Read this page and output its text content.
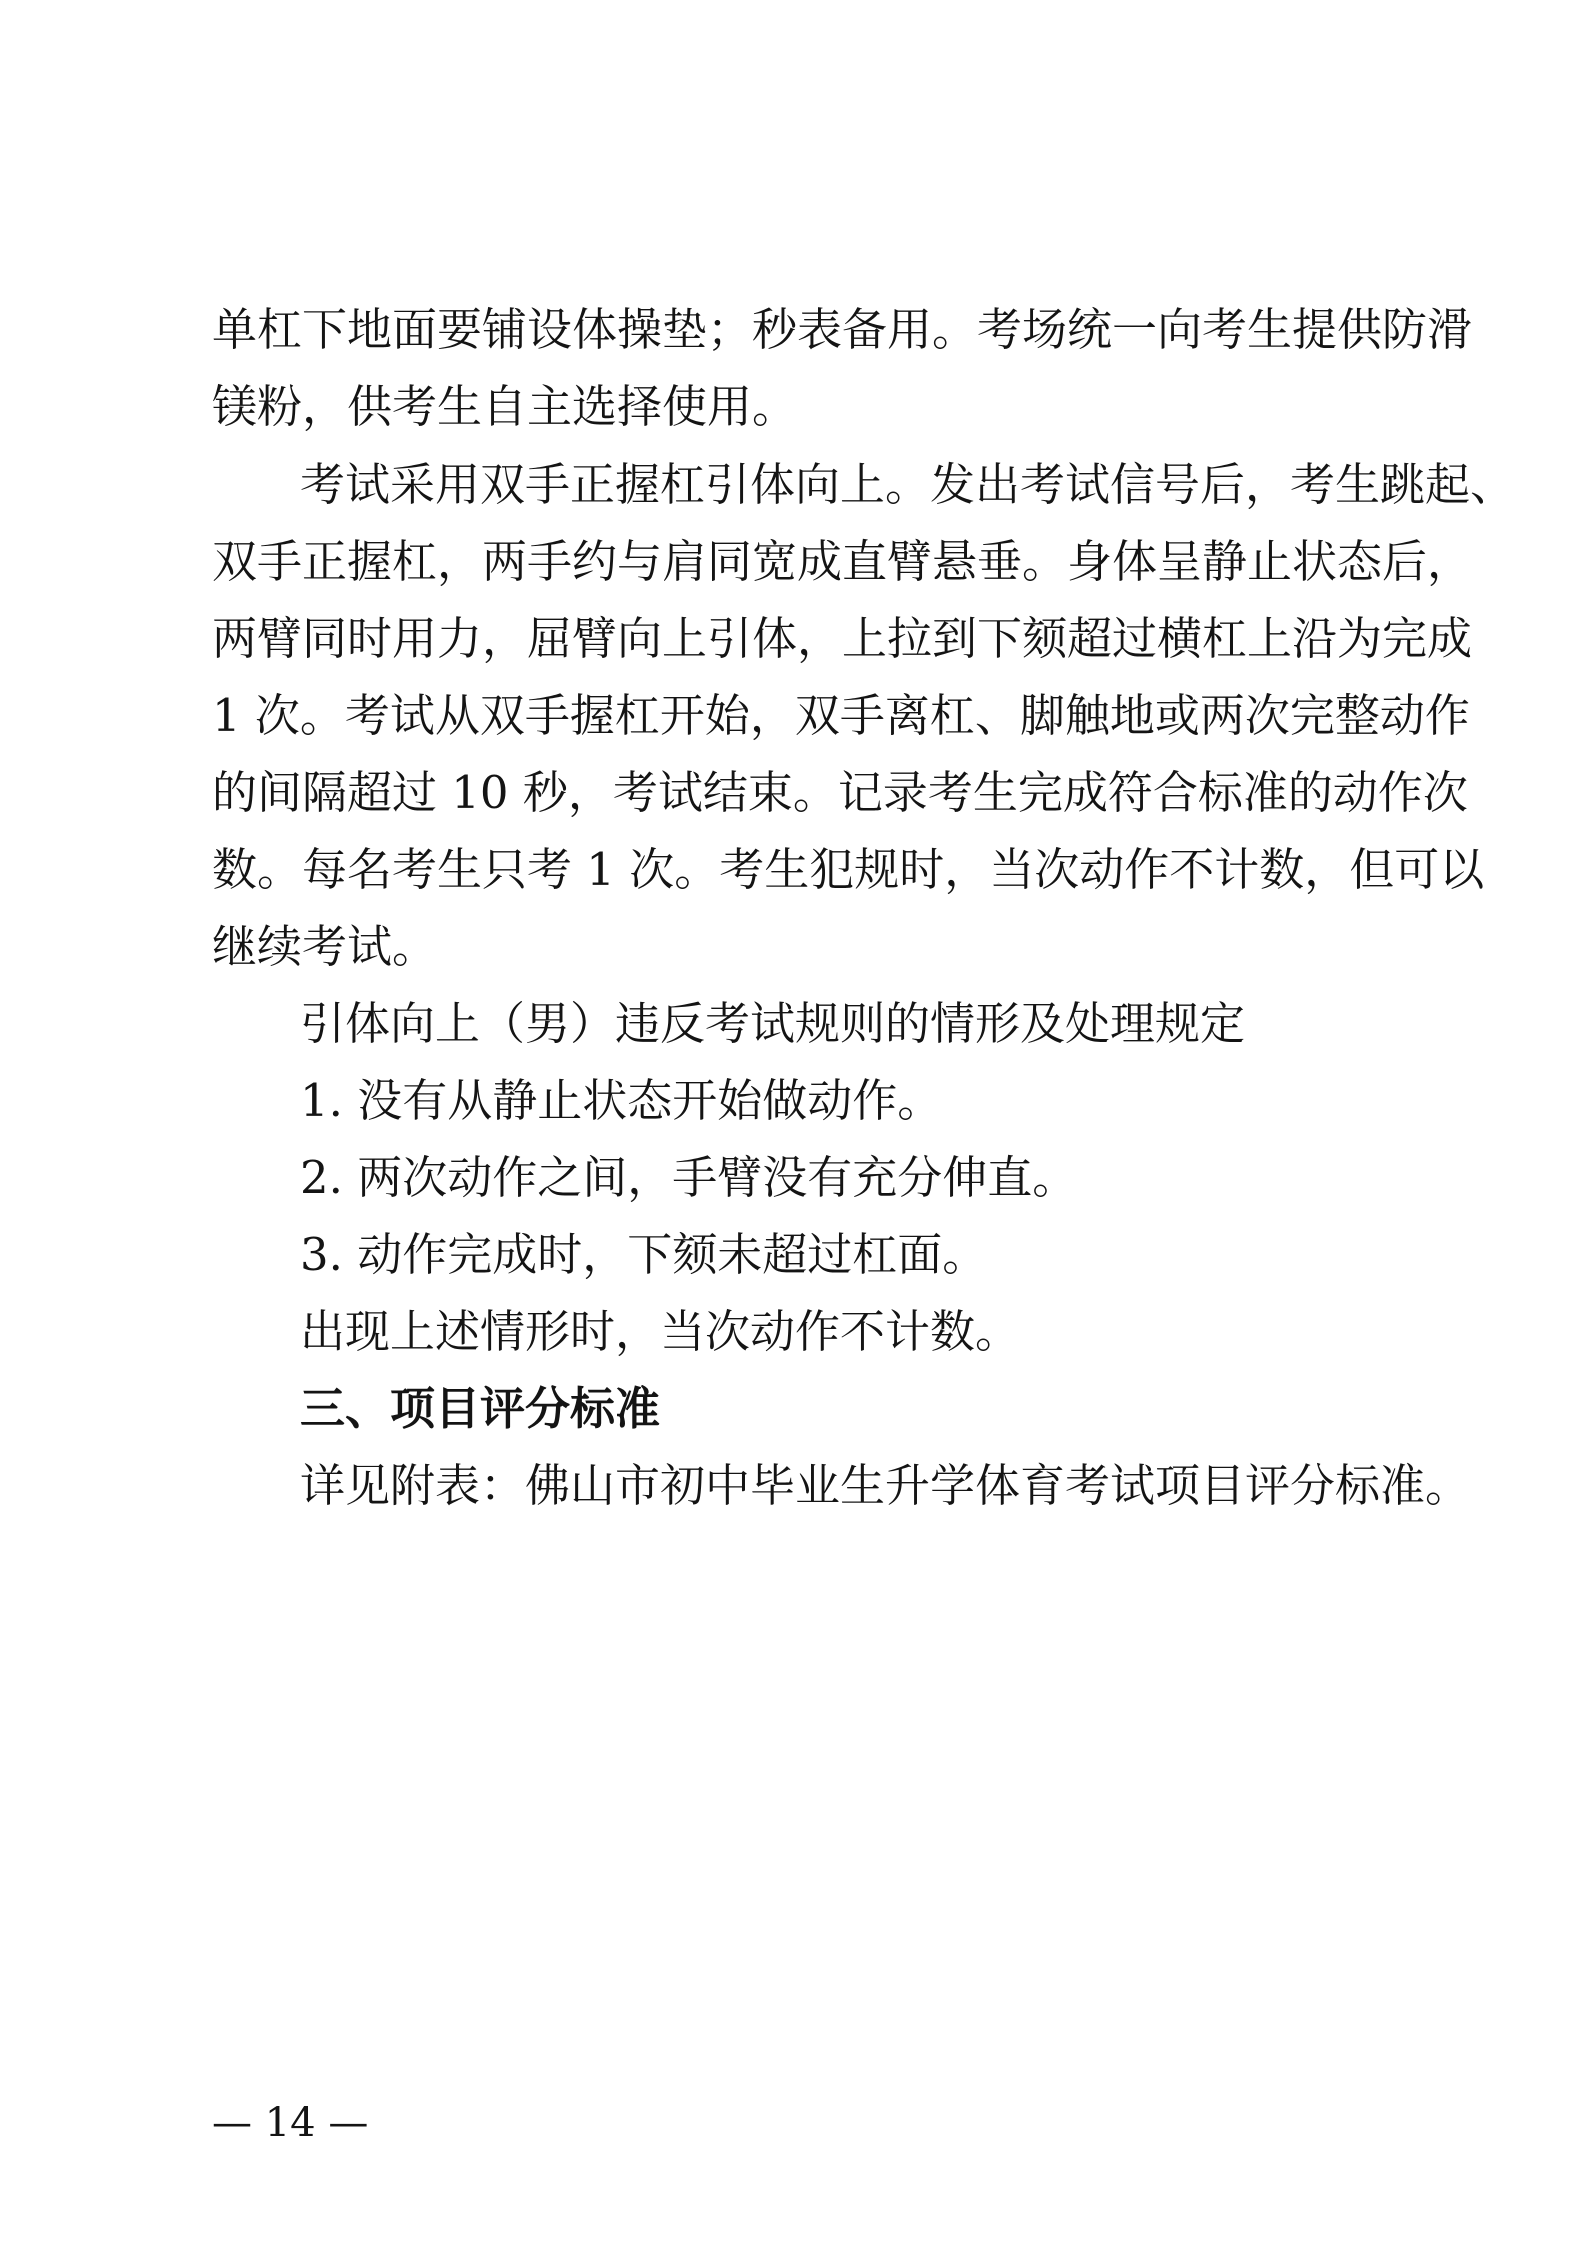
单杠下地面要铺设体操垫；秒表备用。考场统一向考生提供防滑
镁粉，供考生自主选择使用。
考试采用双手正握杠引体向上。发出考试信号后，考生跳起、
双手正握杠，两手约与肩同宽成直臂悬垂。身体呈静止状态后，
两臂同时用力，屈臂向上引体，上拉到下颏超过横杠上沿为完成
1 次。考试从双手握杠开始，双手离杠、脚触地或两次完整动作
的间隔超过 10 秒，考试结束。记录考生完成符合标准的动作次
数。每名考生只考 1 次。考生犯规时，当次动作不计数，但可以
继续考试。
引体向上（男）违反考试规则的情形及处理规定
1. 没有从静止状态开始做动作。
2. 两次动作之间，手臂没有充分伸直。
3. 动作完成时，下颏未超过杠面。
出现上述情形时，当次动作不计数。
三、项目评分标准
详见附表：佛山市初中毕业生升学体育考试项目评分标准。
— 14 —
